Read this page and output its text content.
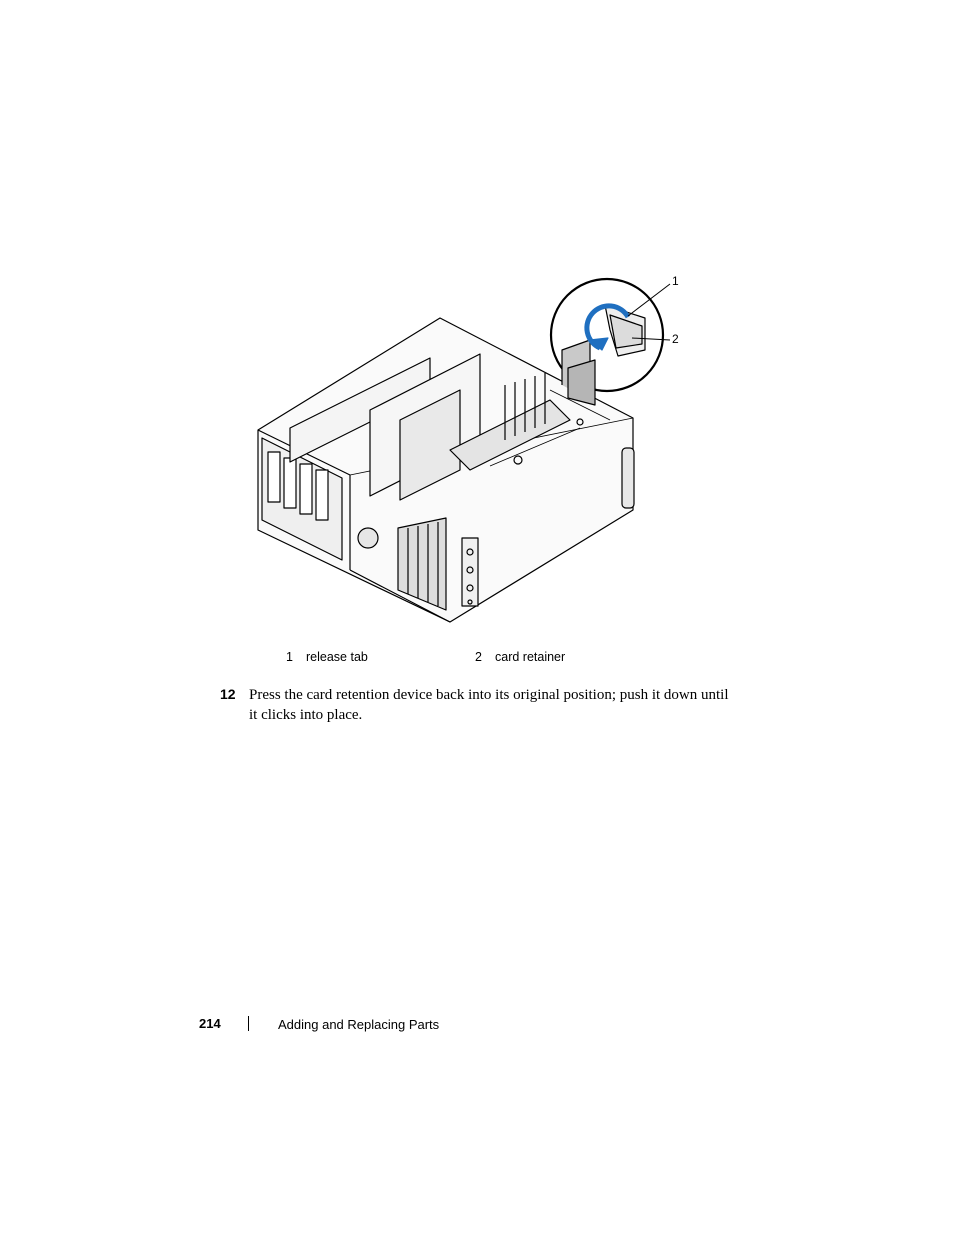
1
2
1 release tab	2 card retainer
12 Press the card retention device back into its original position; push it down until it clicks into place.
214	Adding and Replacing Parts
